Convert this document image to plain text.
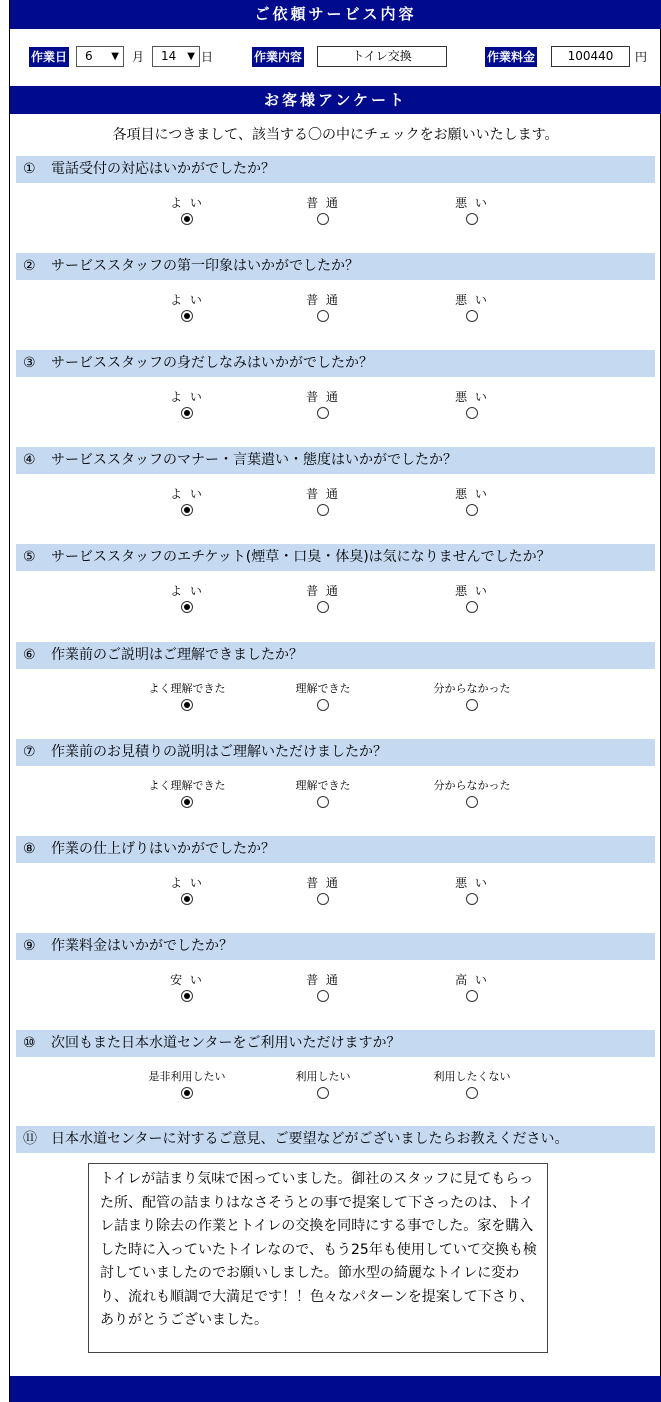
ご依頼サービス内容
作業日	6 ▼ 月	14 ▼ 日	作業内容	トイレ交換	作業料金	100440	円
お客様アンケート
各項目につきまして、該当する〇の中にチェックをお願いいたします。
① 電話受付の対応はいかがでしたか？
よ い	普 通	悪 い
② サービススタッフの第一印象はいかがでしたか？
よ い	普 通	悪 い
③ サービススタッフの身だしなみはいかがでしたか？
よ い	普 通	悪 い
④ サービススタッフのマナー・言葉遣い・態度はいかがでしたか？
よ い	普 通	悪 い
⑤ サービススタッフのエチケット(煙草・口臭・体臭)は気になりませんでしたか？
よ い	普 通	悪 い
⑥ 作業前のご説明はご理解できましたか？
よく理解できた	理解できた	分からなかった
⑦ 作業前のお見積りの説明はご理解いただけましたか？
よく理解できた	理解できた	分からなかった
⑧ 作業の仕上げりはいかがでしたか？
よ い	普 通	悪 い
⑨ 作業料金はいかがでしたか？
安 い	普 通	高 い
⑩ 次回もまた日本水道センターをご利用いただけますか？
是非利用したい	利用したい	利用したくない
⑪ 日本水道センターに対するご意見、ご要望などがございましたらお教えください。
トイレが詰まり気味で困っていました。御社のスタッフに見てもらった所、配管の詰まりはなさそうとの事で提案して下さったのは、トイレ詰まり除去の作業とトイレの交換を同時にする事でした。家を購入した時に入っていたトイレなので、もう25年も使用していて交換も検討していましたのでお願いしました。節水型の綺麗なトイレに変わり、流れも順調で大満足です！！色々なパターンを提案して下さり、ありがとうございました。
